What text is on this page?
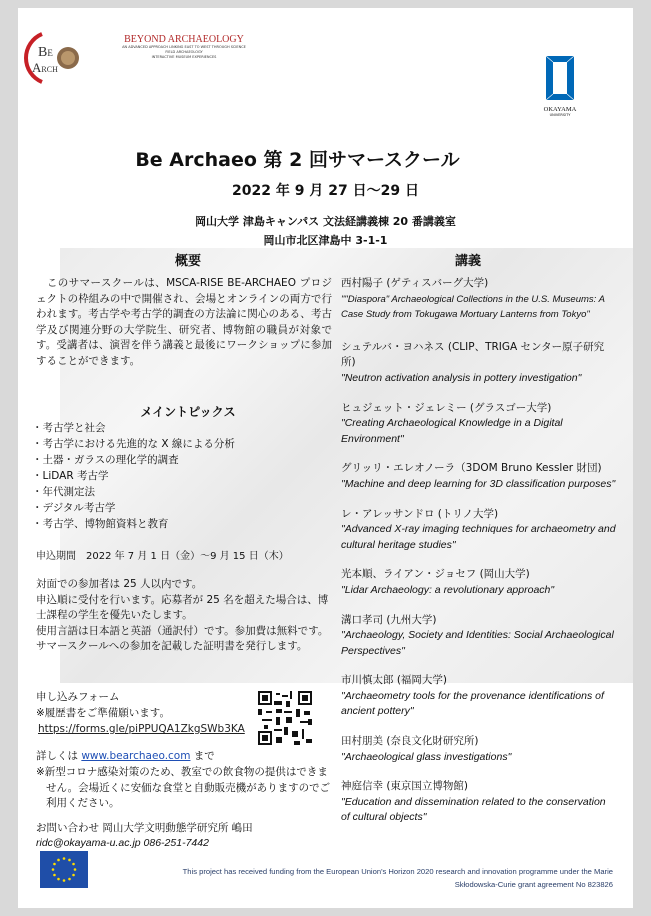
BE
ARCH
BEYOND ARCHAEOLOGY
AN ADVANCED APPROACH LINKING EAST TO WEST THROUGH SCIENCE
FIELD ARCHAEOLOGY
INTERACTIVE MUSEUM EXPERIENCES
OKAYAMA
UNIVERSITY
Be Archaeo 第 2 回サマースクール
2022 年 9 月 27 日～29 日
岡山大学 津島キャンパス 文法経講義棟 20 番講義室
岡山市北区津島中 3-1-1
概要
　このサマースクールは、MSCA-RISE BE-ARCHAEO プロジェクトの枠組みの中で開催され、会場とオンラインの両方で行われます。考古学や考古学的調査の方法論に関心のある、考古学及び関連分野の大学院生、研究者、博物館の職員が対象です。受講者は、演習を伴う講義と最後にワークショップに参加することができます。
メイントピックス
・ 考古学と社会
・ 考古学における先進的な X 線による分析
・ 土器・ガラスの理化学的調査
・ LiDAR 考古学
・ 年代測定法
・ デジタル考古学
・ 考古学、博物館資料と教育
申込期間　2022 年 7 月 1 日（金）～9 月 15 日（木）
対面での参加者は 25 人以内です。
申込順に受付を行います。応募者が 25 名を超えた場合は、博士課程の学生を優先いたします。
使用言語は日本語と英語（通訳付）です。参加費は無料です。サマースクールへの参加を記載した証明書を発行します。
申し込みフォーム
※履歴書をご準備願います。
https://forms.gle/piPPUQA1ZkgSWb3KA
詳しくは www.bearchaeo.com まで
※新型コロナ感染対策のため、教室での飲食物の提供はできません。会場近くに安価な食堂と自動販売機がありますのでご利用ください。
お問い合わせ 岡山大学文明動態学研究所 嶋田
ridc@okayama-u.ac.jp 086-251-7442
講義
西村陽子 (ゲティスバーグ大学)
""Diaspora" Archaeological Collections in the U.S. Museums: A Case Study from Tokugawa Mortuary Lanterns from Tokyo"
シュテルバ・ヨハネス (CLIP、TRIGA センター原子研究所)
"Neutron activation analysis in pottery investigation"
ヒュジェット・ジェレミー (グラスゴー大学)
"Creating Archaeological Knowledge in a Digital Environment"
グリッリ・エレオノーラ（3DOM Bruno Kessler 財団)
"Machine and deep learning for 3D classification purposes"
レ・アレッサンドロ (トリノ大学)
"Advanced X-ray imaging techniques for archaeometry and cultural heritage studies"
光本順、ライアン・ジョセフ (岡山大学)
"Lidar Archaeology: a revolutionary approach"
溝口孝司 (九州大学)
"Archaeology, Society and Identities: Social Archaeological Perspectives"
市川慎太郎 (福岡大学)
"Archaeometry tools for the provenance identifications of ancient pottery"
田村朋美 (奈良文化財研究所)
"Archaeological glass investigations"
神庭信幸 (東京国立博物館)
"Education and dissemination related to the conservation of cultural objects"
This project has received funding from the European Union's Horizon 2020 research and innovation programme under the Marie
Skłodowska-Curie grant agreement No 823826
